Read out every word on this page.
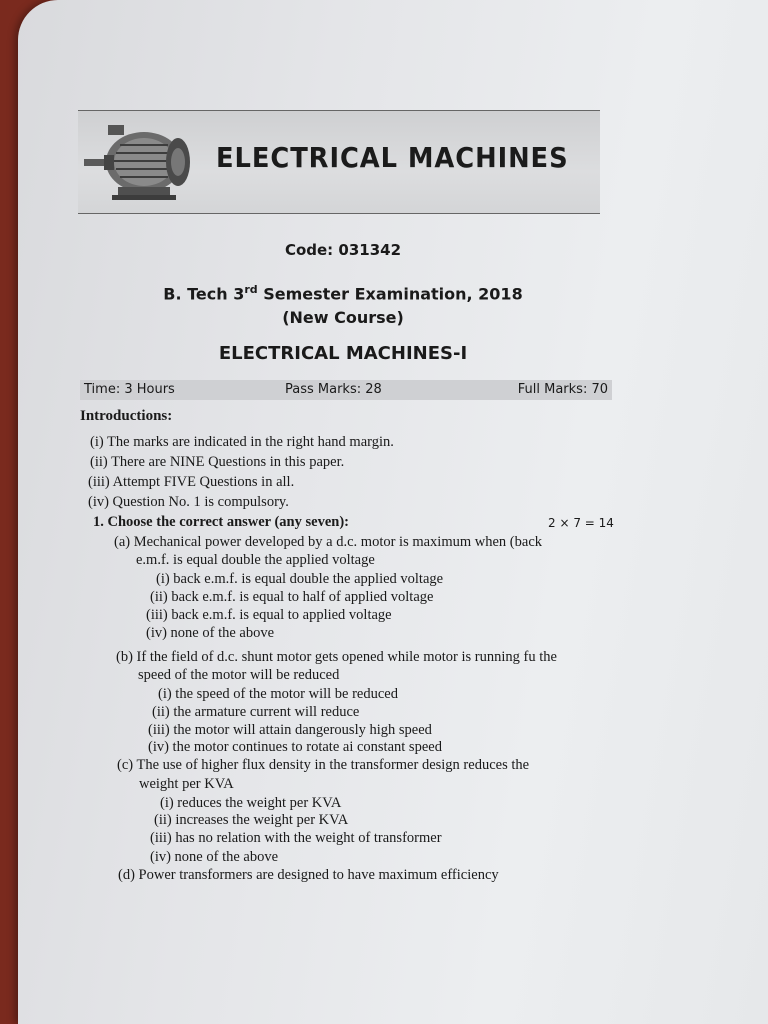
ELECTRICAL MACHINES
Code: 031342
B. Tech 3rd Semester Examination, 2018
(New Course)
ELECTRICAL MACHINES-I
Time: 3 Hours	Pass Marks: 28	Full Marks: 70
Introductions:
(i) The marks are indicated in the right hand margin.
(ii) There are NINE Questions in this paper.
(iii) Attempt FIVE Questions in all.
(iv) Question No. 1 is compulsory.
1. Choose the correct answer (any seven):	2 × 7 = 14
(a) Mechanical power developed by a d.c. motor is maximum when (back
e.m.f. is equal double the applied voltage
(i) back e.m.f. is equal double the applied voltage
(ii) back e.m.f. is equal to half of applied voltage
(iii) back e.m.f. is equal to applied voltage
(iv) none of the above
(b) If the field of d.c. shunt motor gets opened while motor is running fu the
speed of the motor will be reduced
(i) the speed of the motor will be reduced
(ii) the armature current will reduce
(iii) the motor will attain dangerously high speed
(iv) the motor continues to rotate ai constant speed
(c) The use of higher flux density in the transformer design reduces the
weight per KVA
(i) reduces the weight per KVA
(ii) increases the weight per KVA
(iii) has no relation with the weight of transformer
(iv) none of the above
(d) Power transformers are designed to have maximum efficiency
